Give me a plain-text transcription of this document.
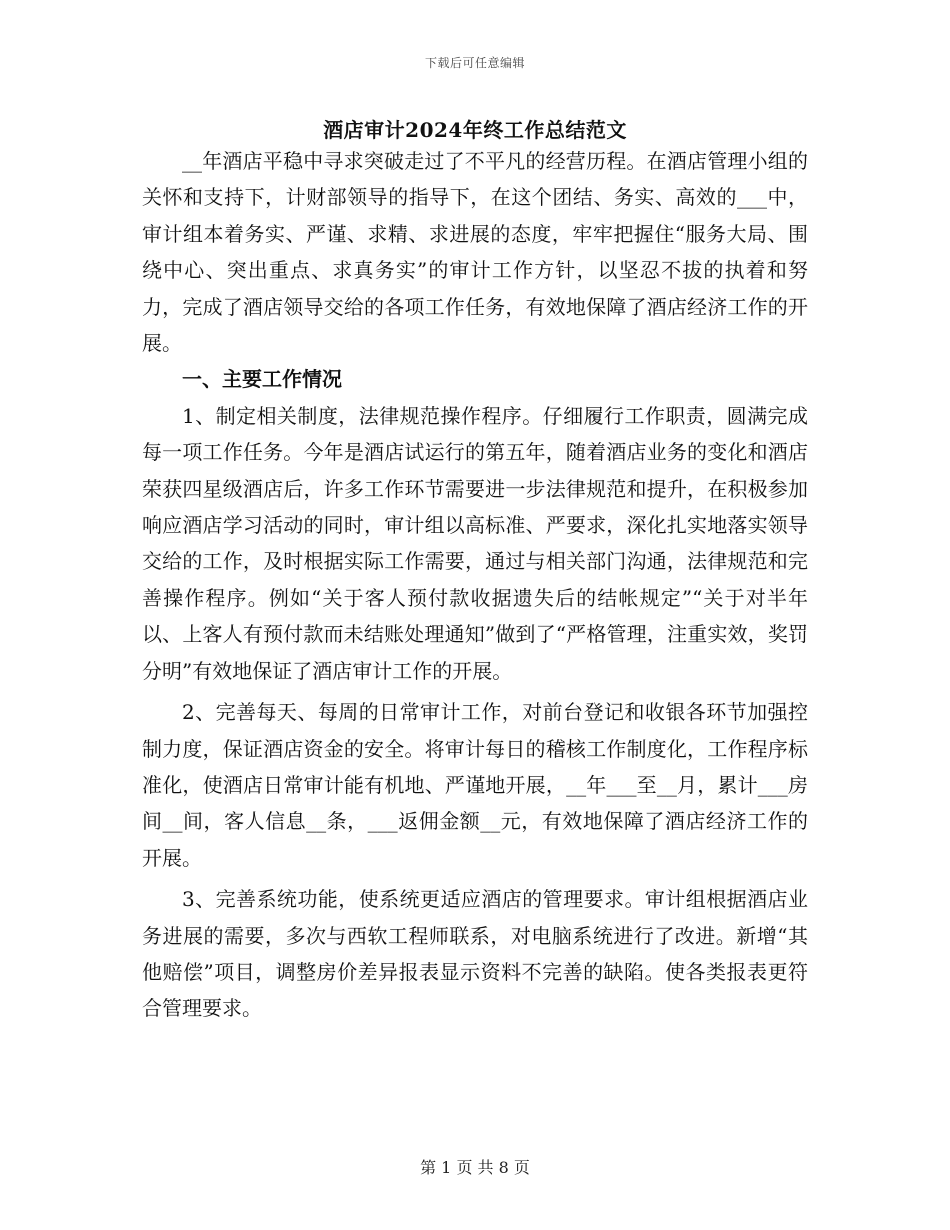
下载后可任意编辑
酒店审计2024年终工作总结范文

__年酒店平稳中寻求突破走过了不平凡的经营历程。在酒店管理小组的关怀和支持下，计财部领导的指导下，在这个团结、务实、高效的___中，审计组本着务实、严谨、求精、求进展的态度，牢牢把握住“服务大局、围绕中心、突出重点、求真务实”的审计工作方针，以坚忍不拔的执着和努力，完成了酒店领导交给的各项工作任务，有效地保障了酒店经济工作的开展。

一、主要工作情况

1、制定相关制度，法律规范操作程序。仔细履行工作职责，圆满完成每一项工作任务。今年是酒店试运行的第五年，随着酒店业务的变化和酒店荣获四星级酒店后，许多工作环节需要进一步法律规范和提升，在积极参加响应酒店学习活动的同时，审计组以高标准、严要求，深化扎实地落实领导交给的工作，及时根据实际工作需要，通过与相关部门沟通，法律规范和完善操作程序。例如“关于客人预付款收据遗失后的结帐规定”“关于对半年以、上客人有预付款而未结账处理通知”做到了“严格管理，注重实效，奖罚分明”有效地保证了酒店审计工作的开展。

2、完善每天、每周的日常审计工作，对前台登记和收银各环节加强控制力度，保证酒店资金的安全。将审计每日的稽核工作制度化，工作程序标准化，使酒店日常审计能有机地、严谨地开展，__年___至__月，累计___房间__间，客人信息__条，___返佣金额__元，有效地保障了酒店经济工作的开展。

3、完善系统功能，使系统更适应酒店的管理要求。审计组根据酒店业务进展的需要，多次与西软工程师联系，对电脑系统进行了改进。新增“其他赔偿”项目，调整房价差异报表显示资料不完善的缺陷。使各类报表更符合管理要求。

第 1 页 共 8 页
